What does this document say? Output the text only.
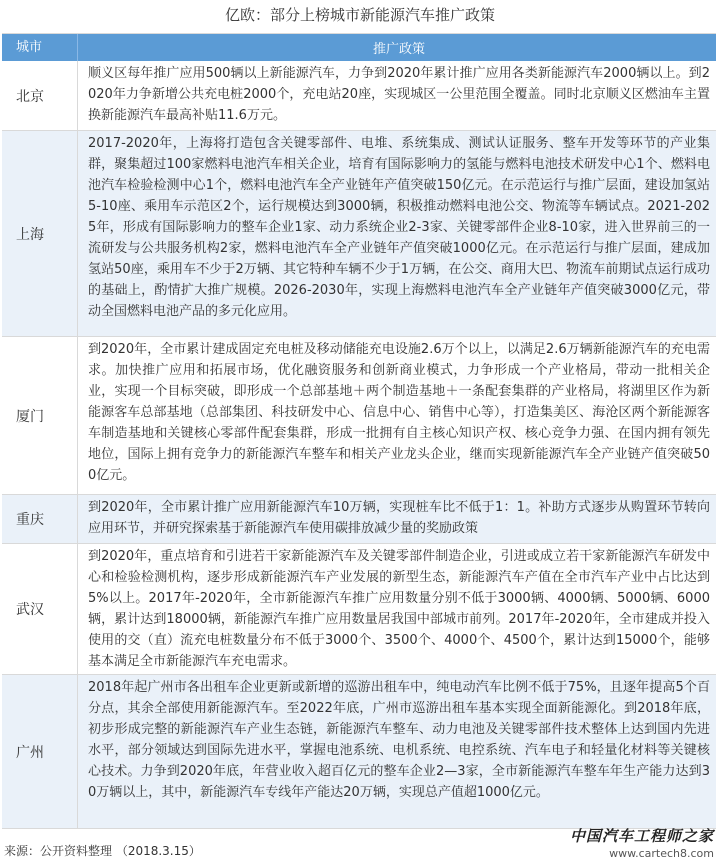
亿欧：部分上榜城市新能源汽车推广政策
城市	推广政策
北京
顺义区每年推广应用500辆以上新能源汽车，力争到2020年累计推广应用各类新能源汽车2000辆以上。到2020年力争新增公共充电桩2000个，充电站20座，实现城区一公里范围全覆盖。同时北京顺义区燃油车主置换新能源汽车最高补贴11.6万元。
上海
2017-2020年，上海将打造包含关键零部件、电堆、系统集成、测试认证服务、整车开发等环节的产业集群，聚集超过100家燃料电池汽车相关企业，培育有国际影响力的氢能与燃料电池技术研发中心1个、燃料电池汽车检验检测中心1个，燃料电池汽车全产业链年产值突破150亿元。在示范运行与推广层面，建设加氢站5-10座、乘用车示范区2个，运行规模达到3000辆，积极推动燃料电池公交、物流等车辆试点。2021-2025年，形成有国际影响力的整车企业1家、动力系统企业2-3家、关键零部件企业8-10家，进入世界前三的一流研发与公共服务机构2家，燃料电池汽车全产业链年产值突破1000亿元。在示范运行与推广层面，建成加氢站50座，乘用车不少于2万辆、其它特种车辆不少于1万辆，在公交、商用大巴、物流车前期试点运行成功的基础上，酌情扩大推广规模。2026-2030年，实现上海燃料电池汽车全产业链年产值突破3000亿元，带动全国燃料电池产品的多元化应用。
厦门
到2020年，全市累计建成固定充电桩及移动储能充电设施2.6万个以上，以满足2.6万辆新能源汽车的充电需求。加快推广应用和拓展市场，优化融资服务和创新商业模式，力争形成一个产业格局，带动一批相关企业，实现一个目标突破，即形成一个总部基地＋两个制造基地＋一条配套集群的产业格局，将湖里区作为新能源客车总部基地（总部集团、科技研发中心、信息中心、销售中心等），打造集美区、海沧区两个新能源客车制造基地和关键核心零部件配套集群，形成一批拥有自主核心知识产权、核心竞争力强、在国内拥有领先地位，国际上拥有竞争力的新能源汽车整车和相关产业龙头企业，继而实现新能源汽车全产业链产值突破500亿元。
重庆
到2020年，全市累计推广应用新能源汽车10万辆，实现桩车比不低于1：1。补助方式逐步从购置环节转向应用环节，并研究探索基于新能源汽车使用碳排放减少量的奖励政策
武汉
到2020年，重点培育和引进若干家新能源汽车及关键零部件制造企业，引进或成立若干家新能源汽车研发中心和检验检测机构，逐步形成新能源汽车产业发展的新型生态，新能源汽车产值在全市汽车产业中占比达到5%以上。2017年-2020年，全市新能源汽车推广应用数量分别不低于3000辆、4000辆、5000辆、6000辆，累计达到18000辆，新能源汽车推广应用数量居我国中部城市前列。2017年-2020年，全市建成并投入使用的交（直）流充电桩数量分布不低于3000个、3500个、4000个、4500个，累计达到15000个，能够基本满足全市新能源汽车充电需求。
广州
2018年起广州市各出租车企业更新或新增的巡游出租车中，纯电动汽车比例不低于75%，且逐年提高5个百分点，其余全部使用新能源汽车。至2022年底，广州市巡游出租车基本实现全面新能源化。到2018年底，初步形成完整的新能源汽车产业生态链，新能源汽车整车、动力电池及关键零部件技术整体上达到国内先进水平，部分领域达到国际先进水平，掌握电池系统、电机系统、电控系统、汽车电子和轻量化材料等关键核心技术。力争到2020年底，年营业收入超百亿元的整车企业2—3家，全市新能源汽车整车年生产能力达到30万辆以上，其中，新能源汽车专线年产能达20万辆，实现总产值超1000亿元。
来源：公开资料整理 （2018.3.15）
中国汽车工程师之家
www.cartech8.com
